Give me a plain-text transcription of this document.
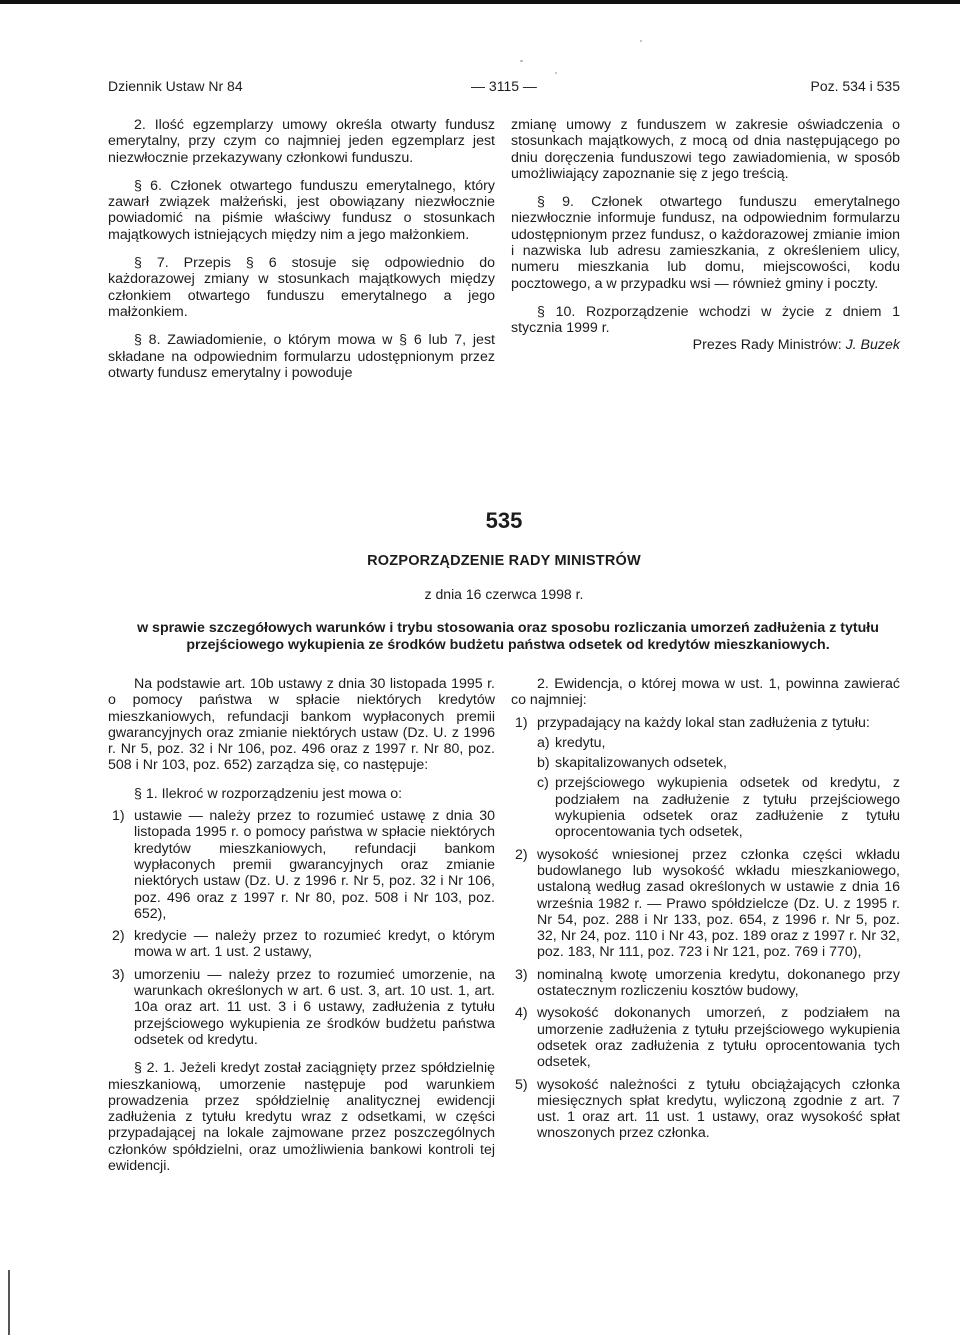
Dziennik Ustaw Nr 84	— 3115 —	Poz. 534 i 535

2. Ilość egzemplarzy umowy określa otwarty fundusz emerytalny, przy czym co najmniej jeden egzemplarz jest niezwłocznie przekazywany członkowi funduszu.

§ 6. Członek otwartego funduszu emerytalnego, który zawarł związek małżeński, jest obowiązany niezwłocznie powiadomić na piśmie właściwy fundusz o stosunkach majątkowych istniejących między nim a jego małżonkiem.

§ 7. Przepis § 6 stosuje się odpowiednio do każdorazowej zmiany w stosunkach majątkowych między członkiem otwartego funduszu emerytalnego a jego małżonkiem.

§ 8. Zawiadomienie, o którym mowa w § 6 lub 7, jest składane na odpowiednim formularzu udostępnionym przez otwarty fundusz emerytalny i powoduje

zmianę umowy z funduszem w zakresie oświadczenia o stosunkach majątkowych, z mocą od dnia następującego po dniu doręczenia funduszowi tego zawiadomienia, w sposób umożliwiający zapoznanie się z jego treścią.

§ 9. Członek otwartego funduszu emerytalnego niezwłocznie informuje fundusz, na odpowiednim formularzu udostępnionym przez fundusz, o każdorazowej zmianie imion i nazwiska lub adresu zamieszkania, z określeniem ulicy, numeru mieszkania lub domu, miejscowości, kodu pocztowego, a w przypadku wsi — również gminy i poczty.

§ 10. Rozporządzenie wchodzi w życie z dniem 1 stycznia 1999 r.

Prezes Rady Ministrów: J. Buzek

535
ROZPORZĄDZENIE RADY MINISTRÓW
z dnia 16 czerwca 1998 r.
w sprawie szczegółowych warunków i trybu stosowania oraz sposobu rozliczania umorzeń zadłużenia z tytułu przejściowego wykupienia ze środków budżetu państwa odsetek od kredytów mieszkaniowych.

Na podstawie art. 10b ustawy z dnia 30 listopada 1995 r. o pomocy państwa w spłacie niektórych kredytów mieszkaniowych, refundacji bankom wypłaconych premii gwarancyjnych oraz zmianie niektórych ustaw (Dz. U. z 1996 r. Nr 5, poz. 32 i Nr 106, poz. 496 oraz z 1997 r. Nr 80, poz. 508 i Nr 103, poz. 652) zarządza się, co następuje:

§ 1. Ilekroć w rozporządzeniu jest mowa o:

1) ustawie — należy przez to rozumieć ustawę z dnia 30 listopada 1995 r. o pomocy państwa w spłacie niektórych kredytów mieszkaniowych, refundacji bankom wypłaconych premii gwarancyjnych oraz zmianie niektórych ustaw (Dz. U. z 1996 r. Nr 5, poz. 32 i Nr 106, poz. 496 oraz z 1997 r. Nr 80, poz. 508 i Nr 103, poz. 652),

2) kredycie — należy przez to rozumieć kredyt, o którym mowa w art. 1 ust. 2 ustawy,

3) umorzeniu — należy przez to rozumieć umorzenie, na warunkach określonych w art. 6 ust. 3, art. 10 ust. 1, art. 10a oraz art. 11 ust. 3 i 6 ustawy, zadłużenia z tytułu przejściowego wykupienia ze środków budżetu państwa odsetek od kredytu.

§ 2. 1. Jeżeli kredyt został zaciągnięty przez spółdzielnię mieszkaniową, umorzenie następuje pod warunkiem prowadzenia przez spółdzielnię analitycznej ewidencji zadłużenia z tytułu kredytu wraz z odsetkami, w części przypadającej na lokale zajmowane przez poszczególnych członków spółdzielni, oraz umożliwienia bankowi kontroli tej ewidencji.

2. Ewidencja, o której mowa w ust. 1, powinna zawierać co najmniej:

1) przypadający na każdy lokal stan zadłużenia z tytułu:

a) kredytu,

b) skapitalizowanych odsetek,

c) przejściowego wykupienia odsetek od kredytu, z podziałem na zadłużenie z tytułu przejściowego wykupienia odsetek oraz zadłużenie z tytułu oprocentowania tych odsetek,

2) wysokość wniesionej przez członka części wkładu budowlanego lub wysokość wkładu mieszkaniowego, ustaloną według zasad określonych w ustawie z dnia 16 września 1982 r. — Prawo spółdzielcze (Dz. U. z 1995 r. Nr 54, poz. 288 i Nr 133, poz. 654, z 1996 r. Nr 5, poz. 32, Nr 24, poz. 110 i Nr 43, poz. 189 oraz z 1997 r. Nr 32, poz. 183, Nr 111, poz. 723 i Nr 121, poz. 769 i 770),

3) nominalną kwotę umorzenia kredytu, dokonanego przy ostatecznym rozliczeniu kosztów budowy,

4) wysokość dokonanych umorzeń, z podziałem na umorzenie zadłużenia z tytułu przejściowego wykupienia odsetek oraz zadłużenia z tytułu oprocentowania tych odsetek,

5) wysokość należności z tytułu obciążających członka miesięcznych spłat kredytu, wyliczoną zgodnie z art. 7 ust. 1 oraz art. 11 ust. 1 ustawy, oraz wysokość spłat wnoszonych przez członka.
